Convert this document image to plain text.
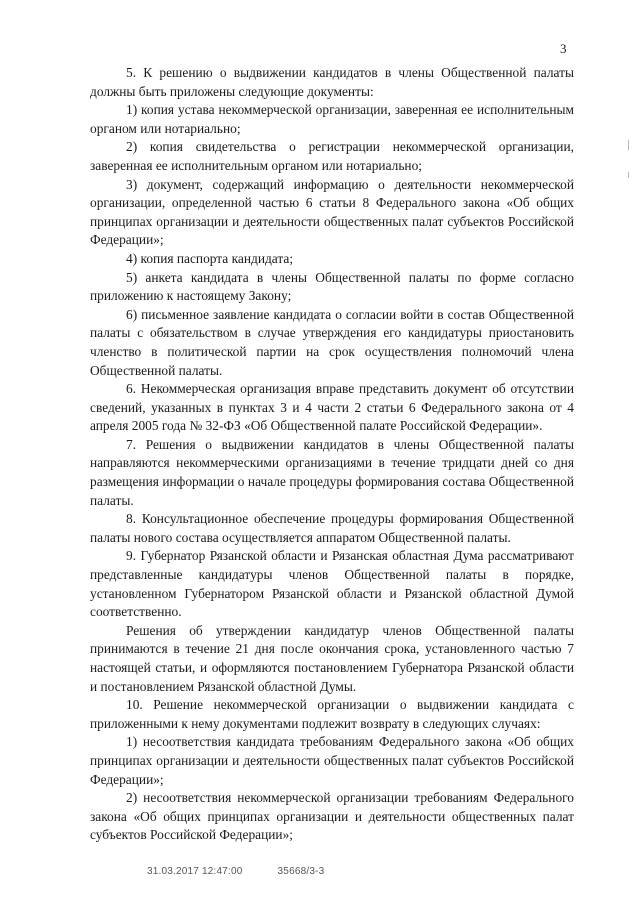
3

5. К решению о выдвижении кандидатов в члены Общественной палаты должны быть приложены следующие документы:

1) копия устава некоммерческой организации, заверенная ее исполнительным органом или нотариально;

2) копия свидетельства о регистрации некоммерческой организации, заверенная ее исполнительным органом или нотариально;

3) документ, содержащий информацию о деятельности некоммерческой организации, определенной частью 6 статьи 8 Федерального закона «Об общих принципах организации и деятельности общественных палат субъектов Российской Федерации»;

4) копия паспорта кандидата;

5) анкета кандидата в члены Общественной палаты по форме согласно приложению к настоящему Закону;

6) письменное заявление кандидата о согласии войти в состав Общественной палаты с обязательством в случае утверждения его кандидатуры приостановить членство в политической партии на срок осуществления полномочий члена Общественной палаты.

6. Некоммерческая организация вправе представить документ об отсутствии сведений, указанных в пунктах 3 и 4 части 2 статьи 6 Федерального закона от 4 апреля 2005 года № 32-ФЗ «Об Общественной палате Российской Федерации».

7. Решения о выдвижении кандидатов в члены Общественной палаты направляются некоммерческими организациями в течение тридцати дней со дня размещения информации о начале процедуры формирования состава Общественной палаты.

8. Консультационное обеспечение процедуры формирования Общественной палаты нового состава осуществляется аппаратом Общественной палаты.

9. Губернатор Рязанской области и Рязанская областная Дума рассматривают представленные кандидатуры членов Общественной палаты в порядке, установленном Губернатором Рязанской области и Рязанской областной Думой соответственно.

Решения об утверждении кандидатур членов Общественной палаты принимаются в течение 21 дня после окончания срока, установленного частью 7 настоящей статьи, и оформляются постановлением Губернатора Рязанской области и постановлением Рязанской областной Думы.

10. Решение некоммерческой организации о выдвижении кандидата с приложенными к нему документами подлежит возврату в следующих случаях:

1) несоответствия кандидата требованиям Федерального закона «Об общих принципах организации и деятельности общественных палат субъектов Российской Федерации»;

2) несоответствия некоммерческой организации требованиям Федерального закона «Об общих принципах организации и деятельности общественных палат субъектов Российской Федерации»;

31.03.2017 12:47:00	35668/3-3
